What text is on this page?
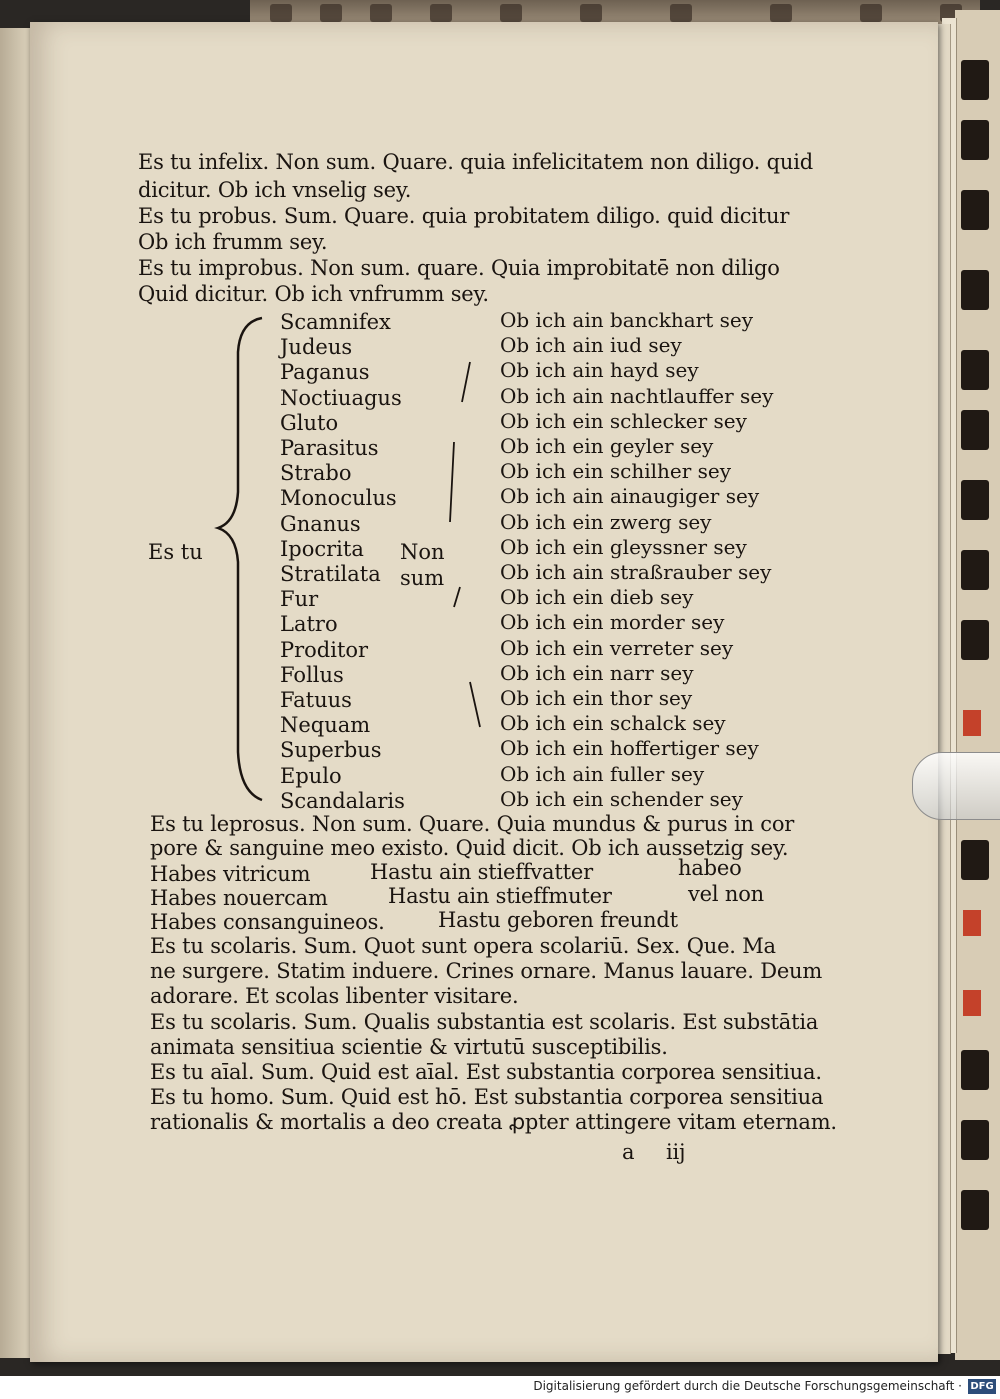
Es tu infelix. Non sum. Quare. quia infelicitatem non diligo. quid
dicitur. Ob ich vnselig sey.
Es tu probus. Sum. Quare. quia probitatem diligo. quid dicitur
Ob ich frumm sey.
Es tu improbus. Non sum. quare. Quia improbitatē non diligo
Quid dicitur. Ob ich vnfrumm sey.
Es tu	Non
sum
Scamnifex
Judeus
Paganus
Noctiuagus
Gluto
Parasitus
Strabo
Monoculus
Gnanus
Ipocrita
Stratilata
Fur
Latro
Proditor
Follus
Fatuus
Nequam
Superbus
Epulo
Scandalaris
Ob ich ain banckhart sey
Ob ich ain iud sey
Ob ich ain hayd sey
Ob ich ain nachtlauffer sey
Ob ich ein schlecker sey
Ob ich ein geyler sey
Ob ich ein schilher sey
Ob ich ain ainaugiger sey
Ob ich ein zwerg sey
Ob ich ein gleyssner sey
Ob ich ain straßrauber sey
Ob ich ein dieb sey
Ob ich ein morder sey
Ob ich ein verreter sey
Ob ich ein narr sey
Ob ich ein thor sey
Ob ich ein schalck sey
Ob ich ein hoffertiger sey
Ob ich ain fuller sey
Ob ich ein schender sey
Es tu leprosus. Non sum. Quare. Quia mundus & purus in cor
pore & sanguine meo existo. Quid dicit. Ob ich aussetzig sey.
Habes vitricum
Habes nouercam
Habes consanguineos.
Hastu ain stieffvatter
Hastu ain stieffmuter
Hastu geboren freundt
habeo
vel non
Es tu scolaris. Sum. Quot sunt opera scolariū. Sex. Que. Ma
ne surgere. Statim induere. Crines ornare. Manus lauare. Deum
adorare. Et scolas libenter visitare.
Es tu scolaris. Sum. Qualis substantia est scolaris. Est substātia
animata sensitiua scientie & virtutū susceptibilis.
Es tu aīal. Sum. Quid est aīal. Est substantia corporea sensitiua.
Es tu homo. Sum. Quid est hō. Est substantia corporea sensitiua
rationalis & mortalis a deo creata ꝓpter attingere vitam eternam.
a iij
Digitalisierung gefördert durch die Deutsche Forschungsgemeinschaft · DFG
